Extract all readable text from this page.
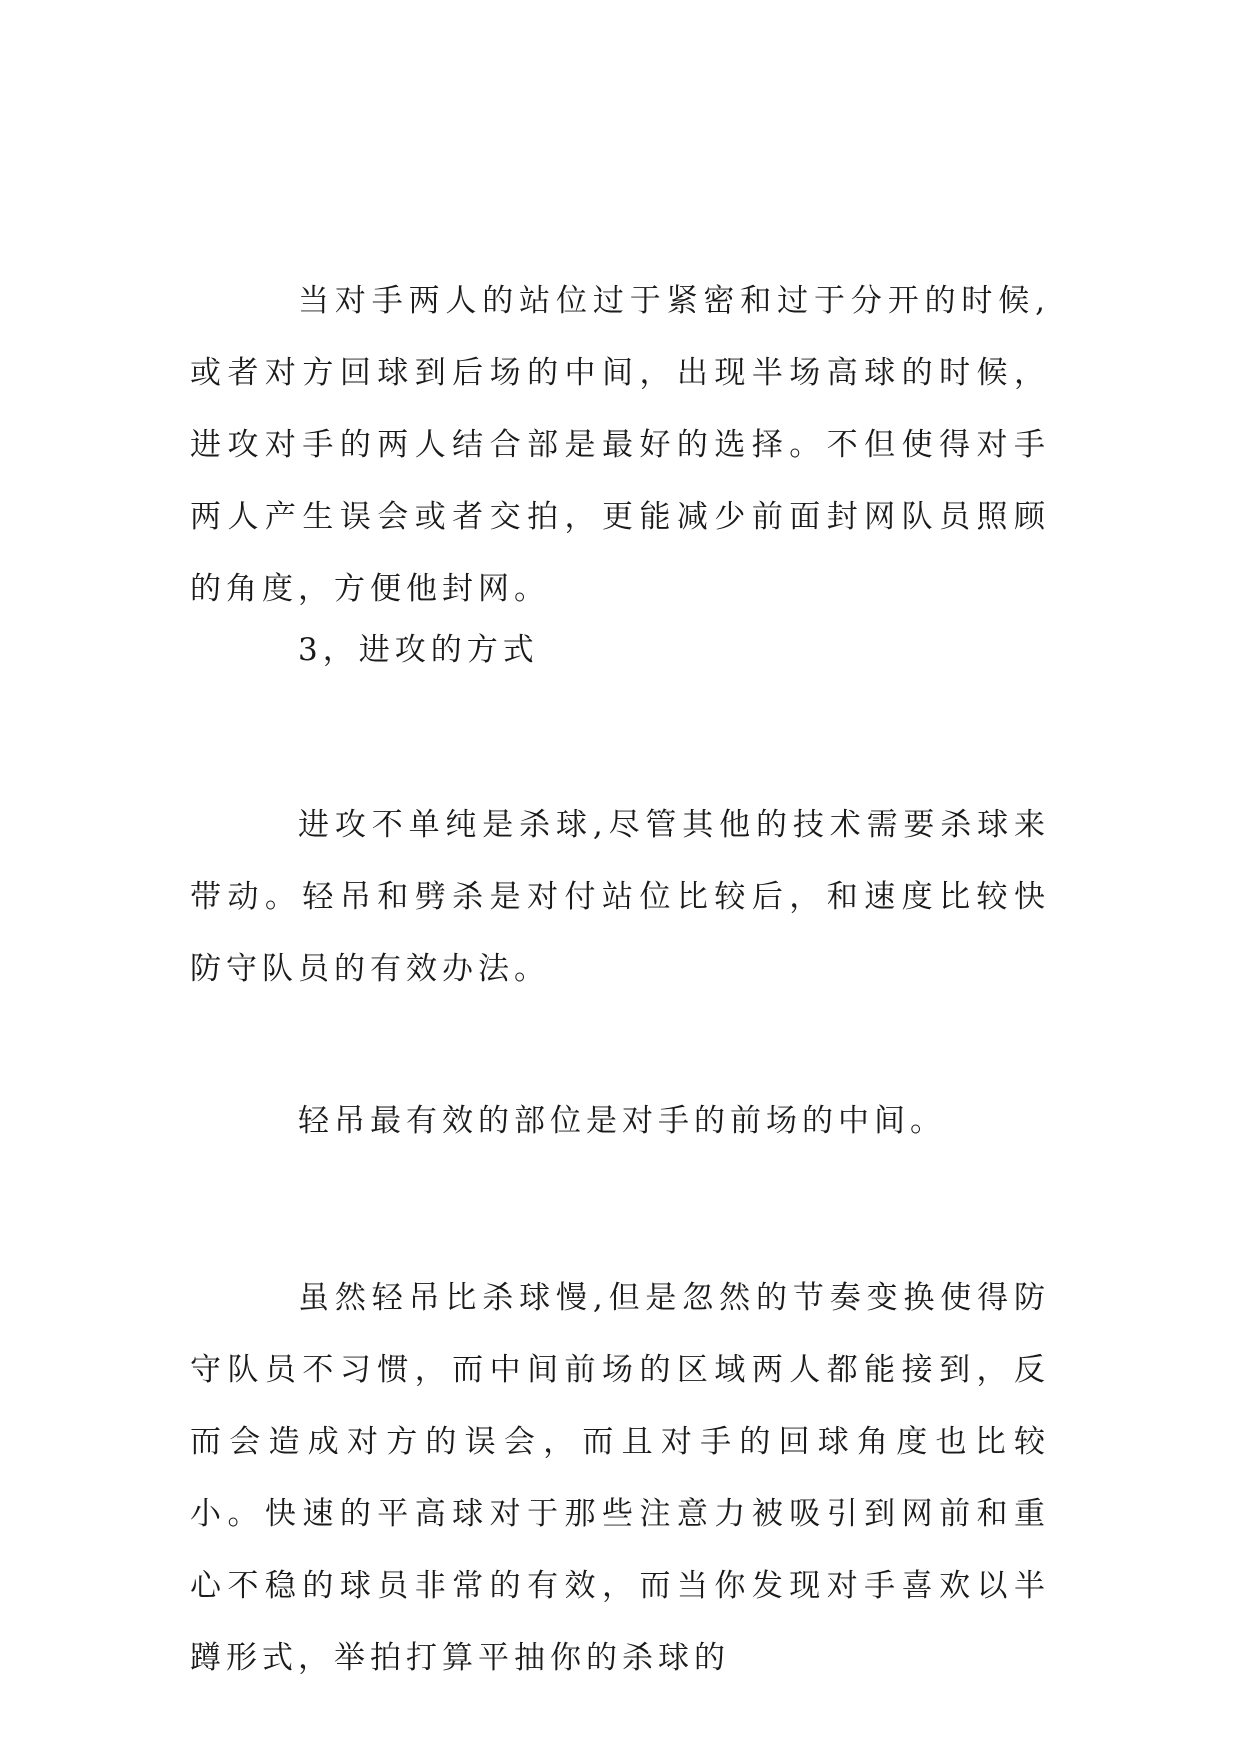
当对手两人的站位过于紧密和过于分开的时候,或者对方回球到后场的中间，出现半场高球的时候，进攻对手的两人结合部是最好的选择。不但使得对手两人产生误会或者交拍，更能减少前面封网队员照顾的角度，方便他封网。

3，进攻的方式

进攻不单纯是杀球,尽管其他的技术需要杀球来带动。轻吊和劈杀是对付站位比较后，和速度比较快防守队员的有效办法。

轻吊最有效的部位是对手的前场的中间。

虽然轻吊比杀球慢,但是忽然的节奏变换使得防守队员不习惯，而中间前场的区域两人都能接到，反而会造成对方的误会，而且对手的回球角度也比较小。快速的平高球对于那些注意力被吸引到网前和重心不稳的球员非常的有效，而当你发现对手喜欢以半蹲形式，举拍打算平抽你的杀球的
